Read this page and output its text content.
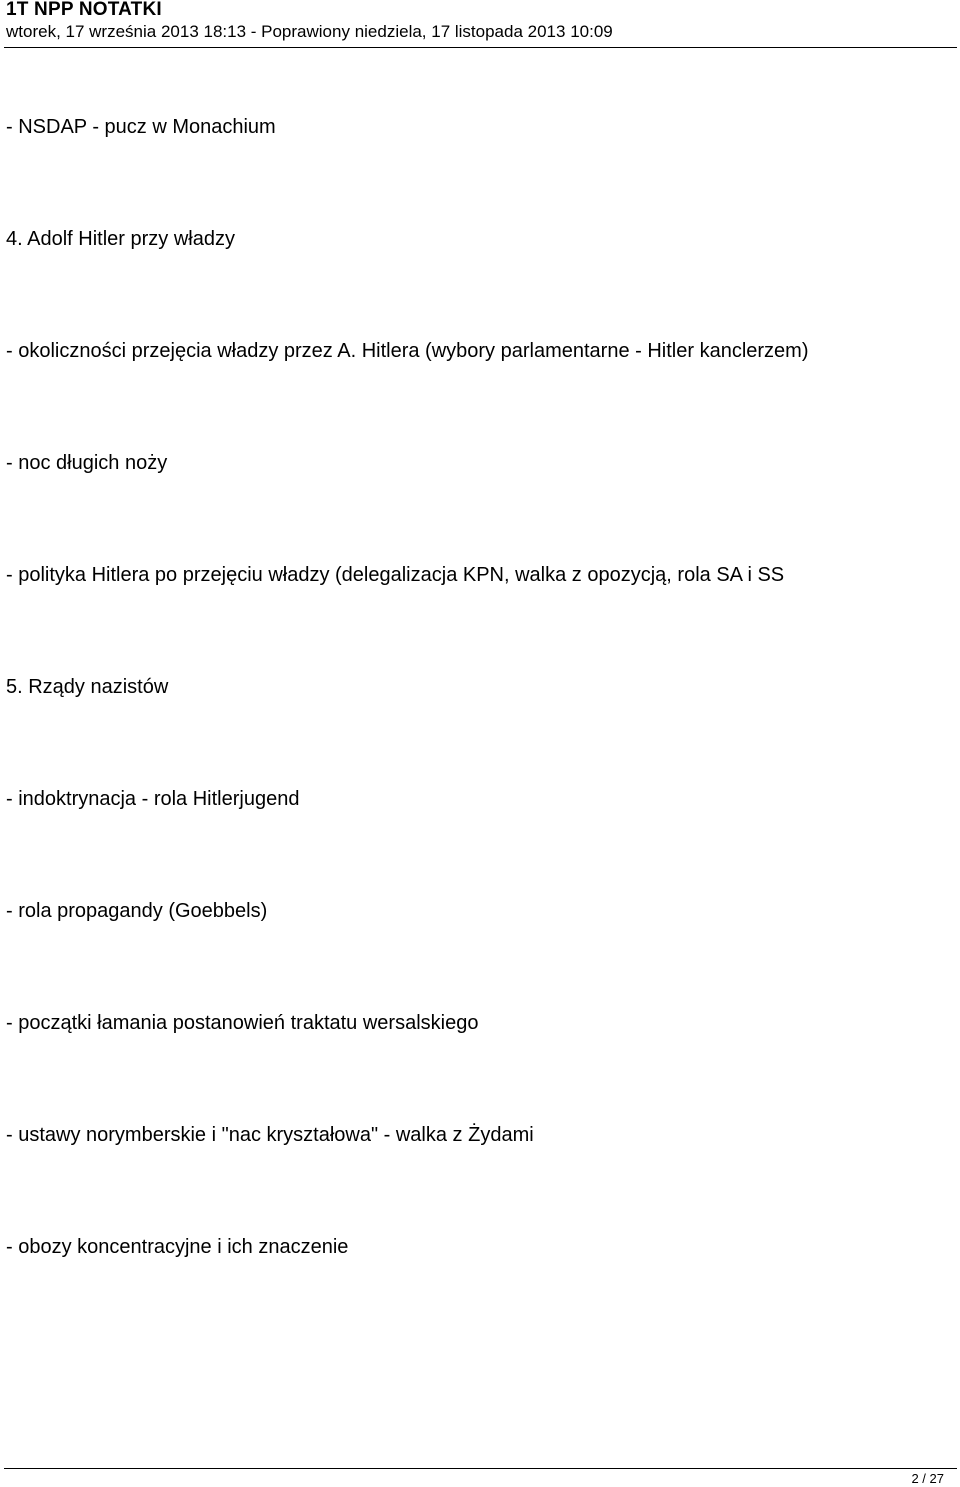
1T NPP NOTATKI

wtorek, 17 września 2013 18:13 - Poprawiony niedziela, 17 listopada 2013 10:09

- NSDAP - pucz w Monachium

4. Adolf Hitler przy władzy

- okoliczności przejęcia władzy przez A. Hitlera (wybory parlamentarne - Hitler kanclerzem)

- noc długich noży

- polityka Hitlera po przejęciu władzy (delegalizacja KPN, walka z opozycją, rola SA i SS

5. Rządy nazistów

- indoktrynacja - rola Hitlerjugend

- rola propagandy (Goebbels)

- początki łamania postanowień traktatu wersalskiego

- ustawy norymberskie i "nac kryształowa" - walka z Żydami

- obozy koncentracyjne i ich znaczenie

2 / 27
